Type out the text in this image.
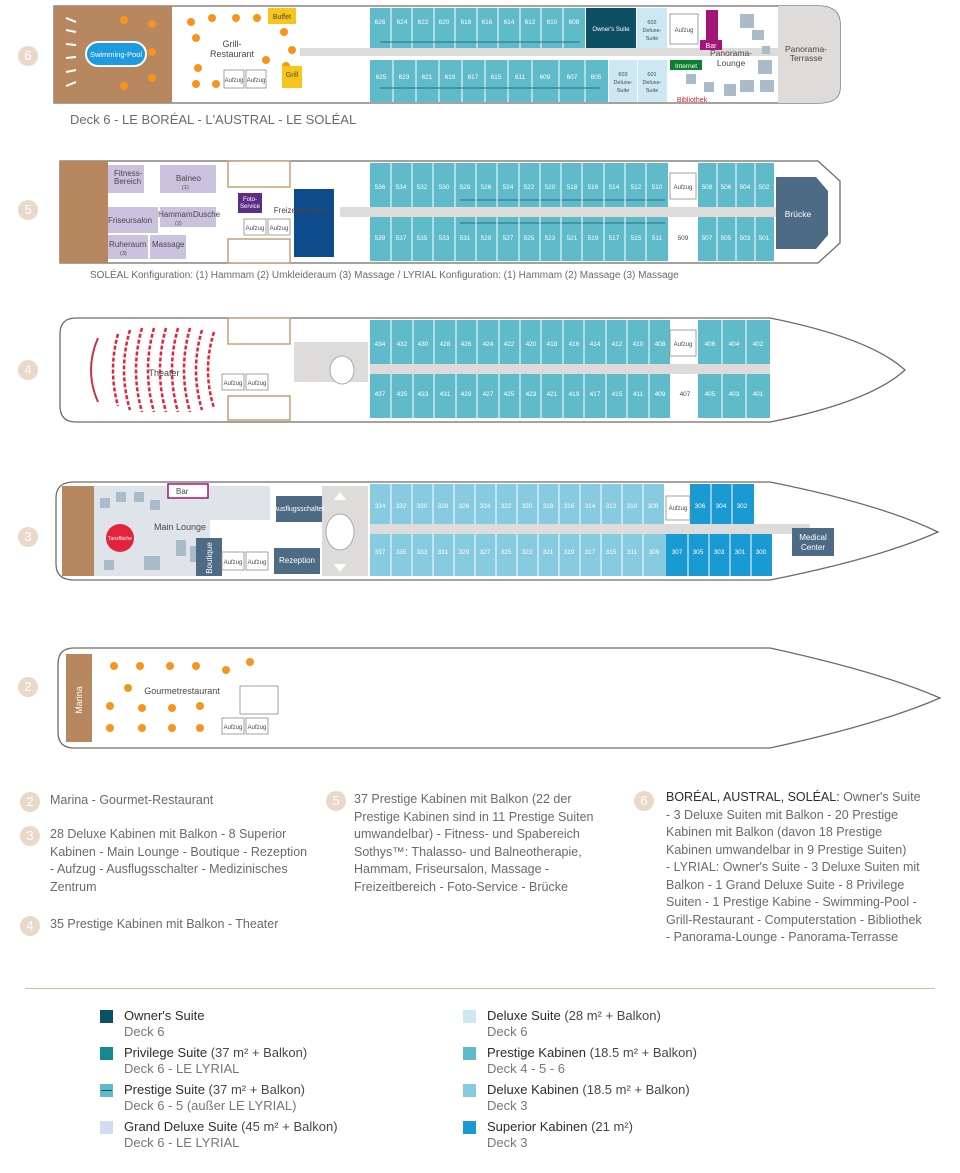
6	Swimming-Pool
Grill-
Restaurant
Buffet
Grill
Aufzug Aufzug
626 624 622 620 618 616 614 612 610 608
625 623 621 619 617 615 611 609 607 605
Owner's Suite
602
Deluxe-
Suite
603
Deluxe-
Suite
601
Deluxe-
Suite
Aufzug
Bar
Internet
Panorama-
Lounge
Bibliothek
Panorama-
Terrasse
Deck 6 - LE BORÉAL - L'AUSTRAL - LE SOLÉAL
5
Fitness-
Bereich	Balneo
(1)
Friseursalon
Hammam
(2)
Dusche
Ruheraum
(3)
Massage
Foto-
Service Freizeitbereich
Aufzug Aufzug
Aufzug
536 534 532 530 528 526 524 522 520 518 516 514 512 510	508 506 504 502
539 537 535 533 531 529 527 525 523 521 519 517 515 511 509 507 505 503 501
Brücke
SOLÉAL Konfiguration: (1) Hammam (2) Umkleideraum (3) Massage / LYRIAL Konfiguration: (1) Hammam (2) Massage (3) Massage
4	Theater
Aufzug Aufzug
Aufzug
434 432 430 428 426 424 422 420 418 416 414 412 410 408	406 404 402
437 435 433 431 429 427 425 423 421 419 417 415 411 409 407 405 403 401
3
Bar
Tanzfläche
Main Lounge
Boutique
Ausflugsschalter
Rezeption
Aufzug Aufzug
Aufzug
334 332 330 328 326 324 322 320 318 316 314 312 310 308	306 304 302
337 335 333 331 329 327 325 323 321 319 317 315 311 309 307 305 303 301 300
Medical
Center
2	Marina	Gourmetrestaurant
Aufzug Aufzug
2	Marina - Gourmet-Restaurant
3	28 Deluxe Kabinen mit Balkon - 8 Superior
Kabinen - Main Lounge - Boutique - Rezeption
- Aufzug - Ausflugsschalter - Medizinisches
Zentrum
4	35 Prestige Kabinen mit Balkon - Theater
5	37 Prestige Kabinen mit Balkon (22 der
Prestige Kabinen sind in 11 Prestige Suiten
umwandelbar) - Fitness- und Spabereich
Sothys™: Thalasso- und Balneotherapie,
Hammam, Friseursalon, Massage -
Freizeitbereich - Foto-Service - Brücke
6	BORÉAL, AUSTRAL, SOLÉAL: Owner's Suite
- 3 Deluxe Suiten mit Balkon - 20 Prestige
Kabinen mit Balkon (davon 18 Prestige
Kabinen umwandelbar in 9 Prestige Suiten)
- LYRIAL: Owner's Suite - 3 Deluxe Suiten mit
Balkon - 1 Grand Deluxe Suite - 8 Privilege
Suiten - 1 Prestige Kabine - Swimming-Pool -
Grill-Restaurant - Computerstation - Bibliothek
- Panorama-Lounge - Panorama-Terrasse
Owner's Suite
Deck 6
Privilege Suite (37 m² + Balkon)
Deck 6 - LE LYRIAL
Prestige Suite (37 m² + Balkon)
Deck 6 - 5 (außer LE LYRIAL)
Grand Deluxe Suite (45 m² + Balkon)
Deck 6 - LE LYRIAL
Deluxe Suite (28 m² + Balkon)
Deck 6
Prestige Kabinen (18.5 m² + Balkon)
Deck 4 - 5 - 6
Deluxe Kabinen (18.5 m² + Balkon)
Deck 3
Superior Kabinen (21 m²)
Deck 3
